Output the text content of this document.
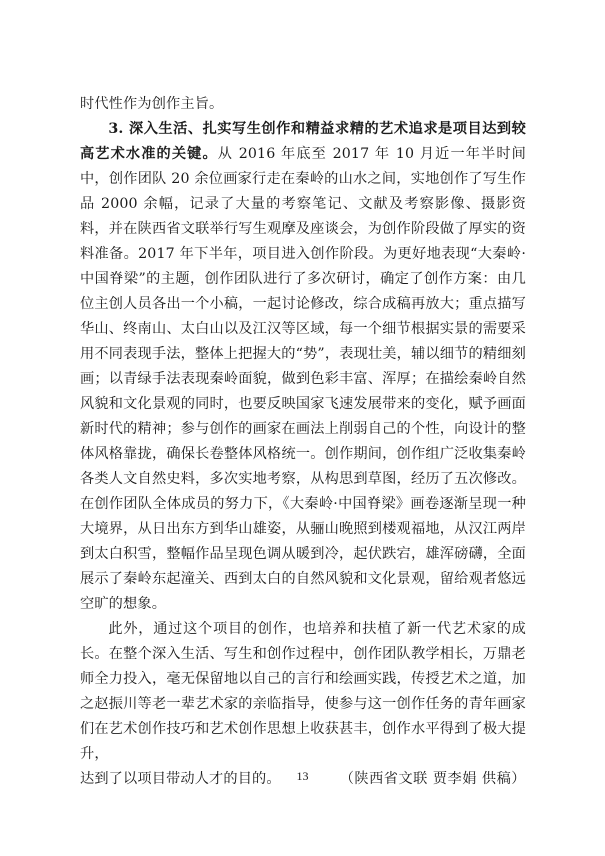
时代性作为创作主旨。

3. 深入生活、扎实写生创作和精益求精的艺术追求是项目达到较高艺术水准的关键。从 2016 年底至 2017 年 10 月近一年半时间中，创作团队 20 余位画家行走在秦岭的山水之间，实地创作了写生作品 2000 余幅，记录了大量的考察笔记、文献及考察影像、摄影资料，并在陕西省文联举行写生观摩及座谈会，为创作阶段做了厚实的资料准备。2017 年下半年，项目进入创作阶段。为更好地表现“大秦岭·中国脊梁”的主题，创作团队进行了多次研讨，确定了创作方案：由几位主创人员各出一个小稿，一起讨论修改，综合成稿再放大；重点描写华山、终南山、太白山以及江汉等区域，每一个细节根据实景的需要采用不同表现手法，整体上把握大的“势”，表现壮美，辅以细节的精细刻画；以青绿手法表现秦岭面貌，做到色彩丰富、浑厚；在描绘秦岭自然风貌和文化景观的同时，也要反映国家飞速发展带来的变化，赋予画面新时代的精神；参与创作的画家在画法上削弱自己的个性，向设计的整体风格靠拢，确保长卷整体风格统一。创作期间，创作组广泛收集秦岭各类人文自然史料，多次实地考察，从构思到草图，经历了五次修改。在创作团队全体成员的努力下，《大秦岭·中国脊梁》画卷逐渐呈现一种大境界，从日出东方到华山雄姿，从骊山晚照到楼观福地，从汉江两岸到太白积雪，整幅作品呈现色调从暖到冷，起伏跌宕，雄浑磅礴，全面展示了秦岭东起潼关、西到太白的自然风貌和文化景观，留给观者悠远空旷的想象。

此外，通过这个项目的创作，也培养和扶植了新一代艺术家的成长。在整个深入生活、写生和创作过程中，创作团队教学相长，万鼎老师全力投入，毫无保留地以自己的言行和绘画实践，传授艺术之道，加之赵振川等老一辈艺术家的亲临指导，使参与这一创作任务的青年画家们在艺术创作技巧和艺术创作思想上收获甚丰，创作水平得到了极大提升，

达到了以项目带动人才的目的。	（陕西省文联 贾李娟 供稿）
13
